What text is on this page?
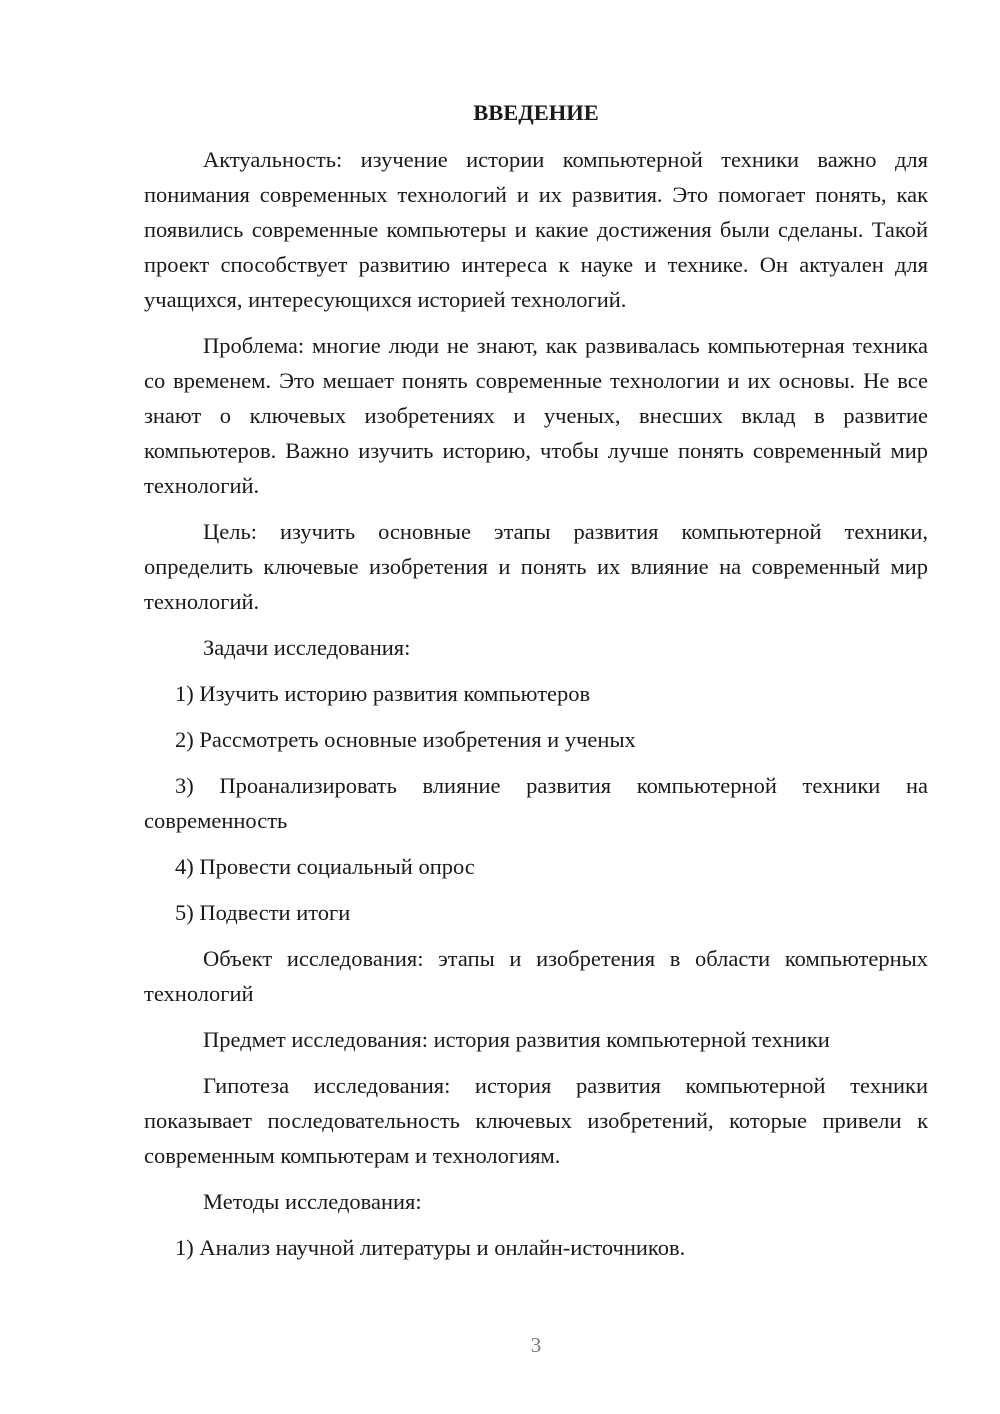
ВВЕДЕНИЕ

Актуальность: изучение истории компьютерной техники важно для понимания современных технологий и их развития. Это помогает понять, как появились современные компьютеры и какие достижения были сделаны. Такой проект способствует развитию интереса к науке и технике. Он актуален для учащихся, интересующихся историей технологий.

Проблема: многие люди не знают, как развивалась компьютерная техника со временем. Это мешает понять современные технологии и их основы. Не все знают о ключевых изобретениях и ученых, внесших вклад в развитие компьютеров. Важно изучить историю, чтобы лучше понять современный мир технологий.

Цель: изучить основные этапы развития компьютерной техники, определить ключевые изобретения и понять их влияние на современный мир технологий.

Задачи исследования:

1) Изучить историю развития компьютеров

2) Рассмотреть основные изобретения и ученых

3) Проанализировать влияние развития компьютерной техники на современность

4) Провести социальный опрос

5) Подвести итоги

Объект исследования: этапы и изобретения в области компьютерных технологий

Предмет исследования: история развития компьютерной техники

Гипотеза исследования: история развития компьютерной техники показывает последовательность ключевых изобретений, которые привели к современным компьютерам и технологиям.

Методы исследования:

1) Анализ научной литературы и онлайн-источников.

3
